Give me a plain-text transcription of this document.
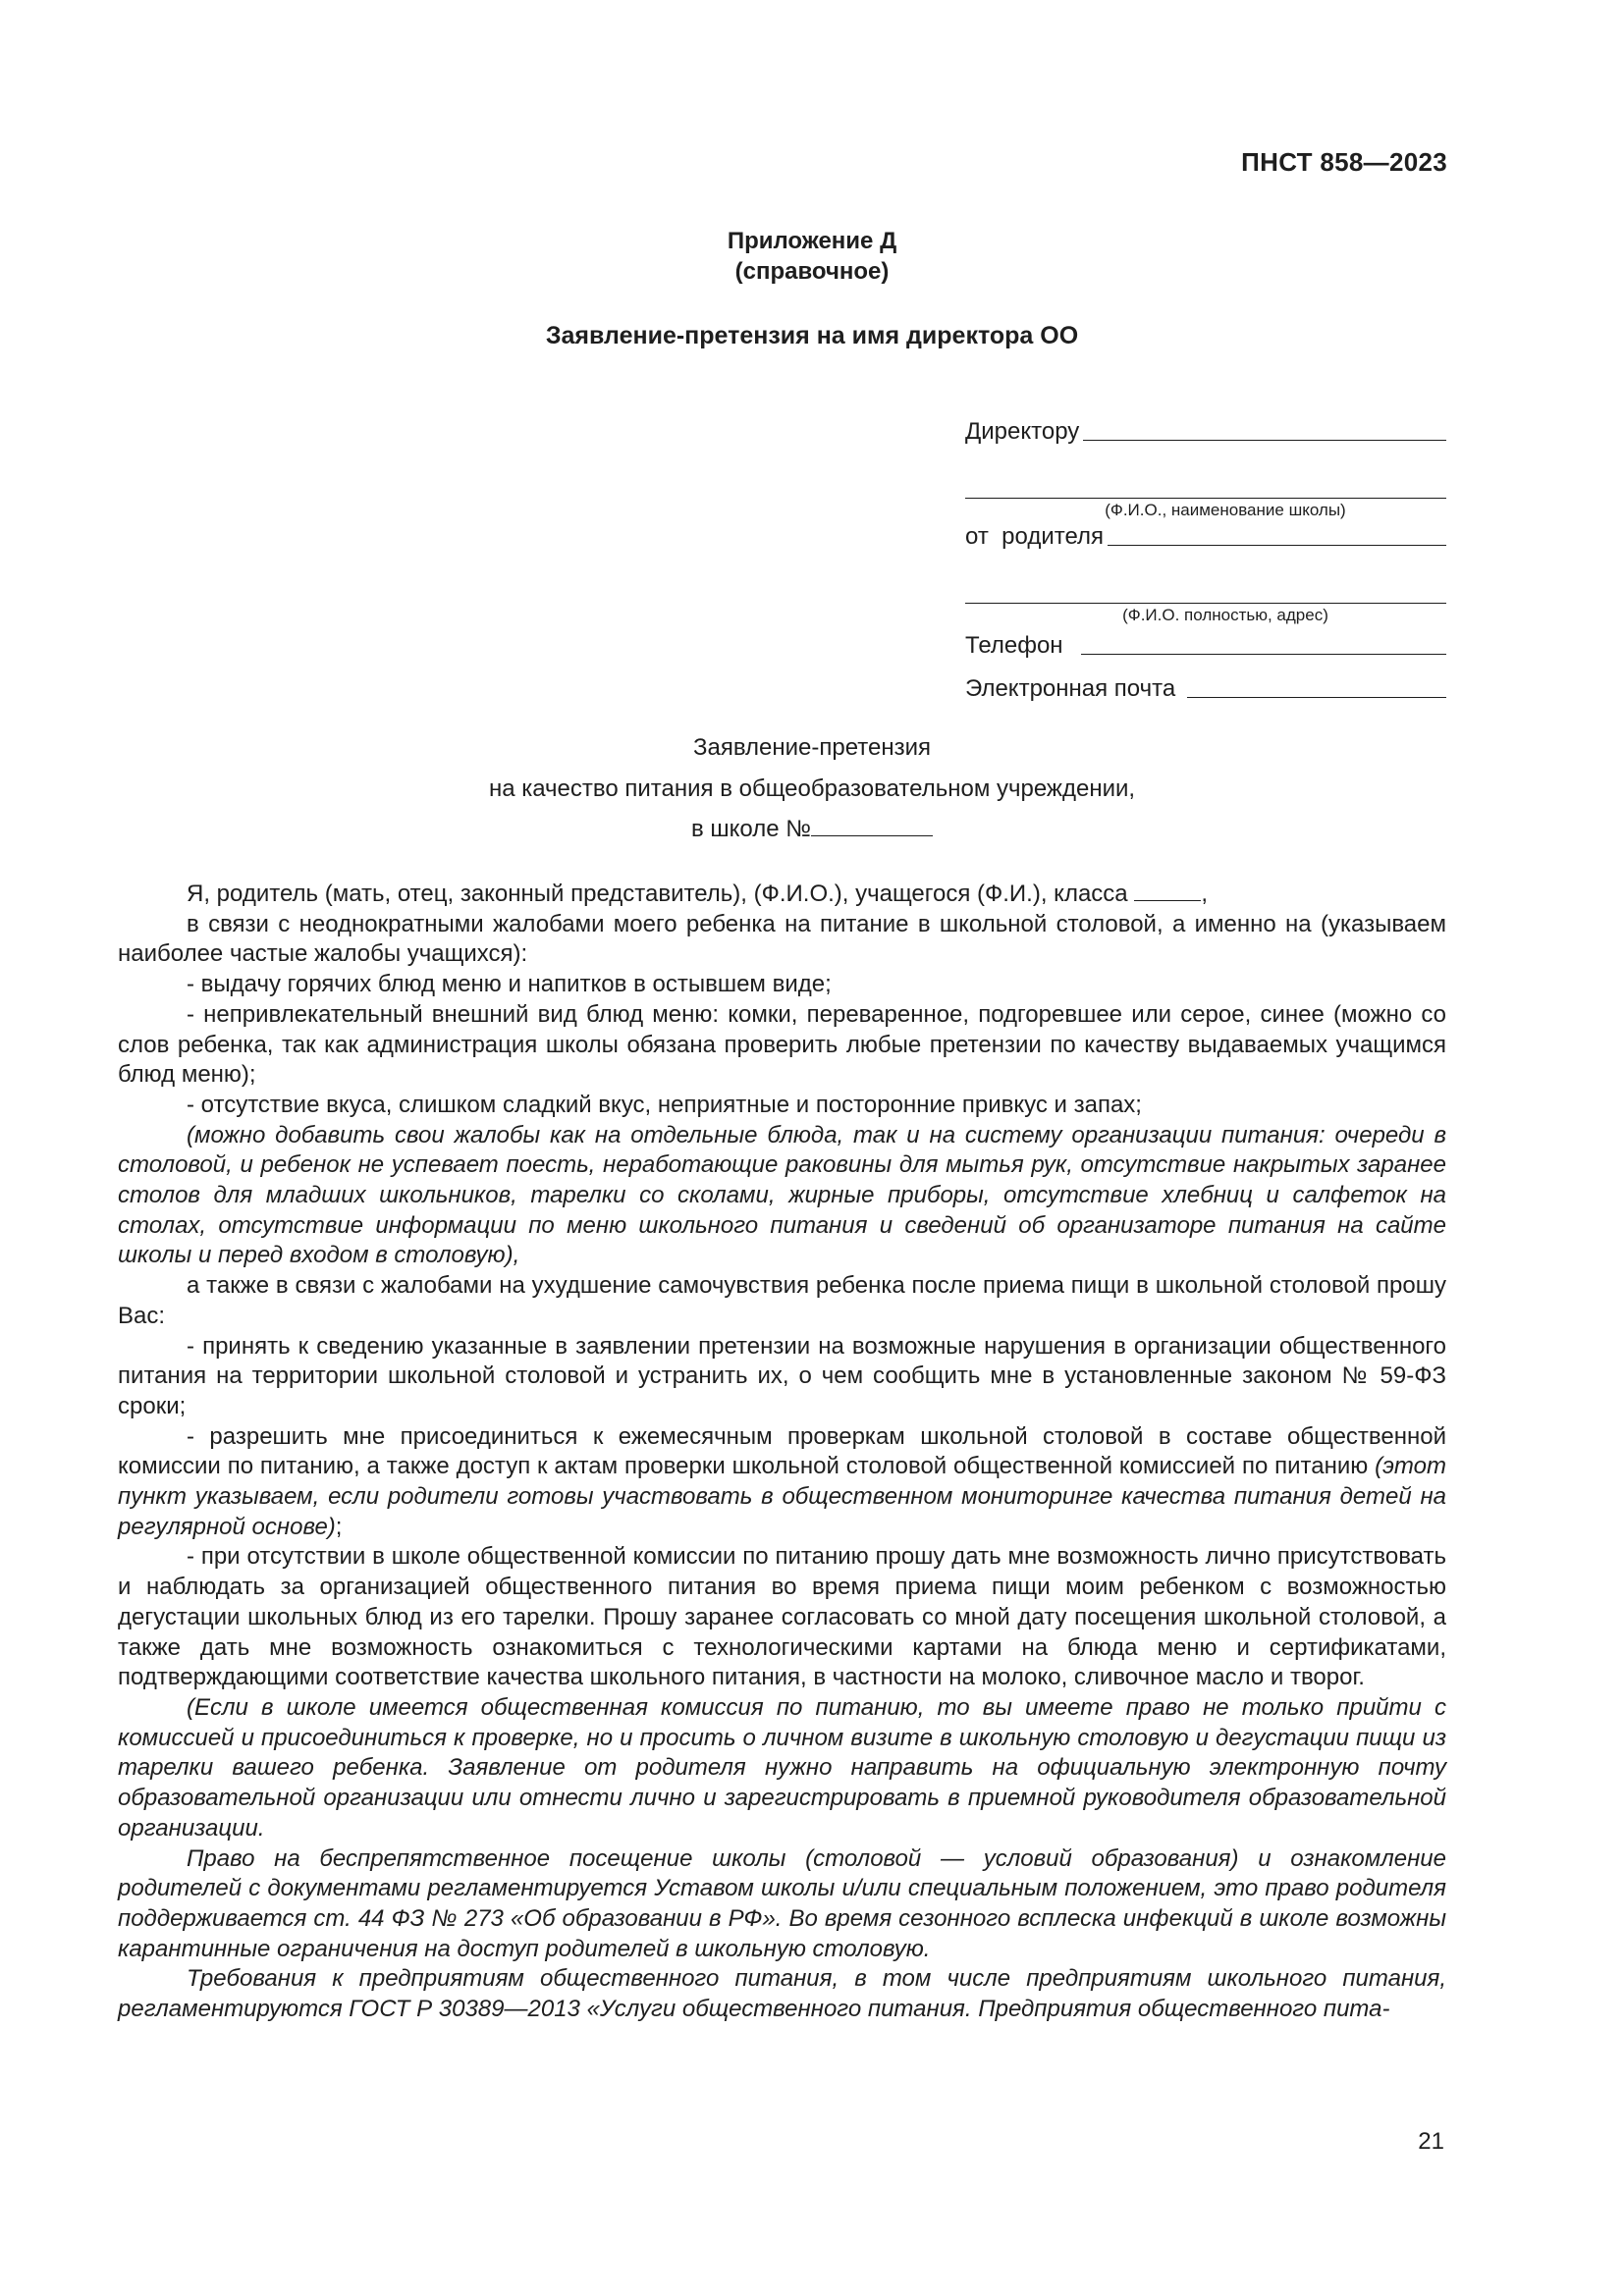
ПНСТ 858—2023
Приложение Д
(справочное)
Заявление-претензия на имя директора ОО
Директору
(Ф.И.О., наименование школы)
от  родителя
(Ф.И.О. полностью, адрес)
Телефон
Электронная почта
Заявление-претензия
на качество питания в общеобразовательном учреждении,
в школе №

Я, родитель (мать, отец, законный представитель), (Ф.И.О.), учащегося (Ф.И.), класса	,

в связи с неоднократными жалобами моего ребенка на питание в школьной столовой, а именно на (указываем наиболее частые жалобы учащихся):

- выдачу горячих блюд меню и напитков в остывшем виде;

- непривлекательный внешний вид блюд меню: комки, переваренное, подгоревшее или серое, синее (можно со слов ребенка, так как администрация школы обязана проверить любые претензии по качеству выдаваемых учащимся блюд меню);

- отсутствие вкуса, слишком сладкий вкус, неприятные и посторонние привкус и запах;

(можно добавить свои жалобы как на отдельные блюда, так и на систему организации питания: очереди в столовой, и ребенок не успевает поесть, неработающие раковины для мытья рук, отсутствие накрытых заранее столов для младших школьников, тарелки со сколами, жирные приборы, отсутствие хлебниц и салфеток на столах, отсутствие информации по меню школьного питания и сведений об организаторе питания на сайте школы и перед входом в столовую),

а также в связи с жалобами на ухудшение самочувствия ребенка после приема пищи в школьной столовой прошу Вас:

- принять к сведению указанные в заявлении претензии на возможные нарушения в организации общественного питания на территории школьной столовой и устранить их, о чем сообщить мне в установленные законом № 59-ФЗ сроки;

- разрешить мне присоединиться к ежемесячным проверкам школьной столовой в составе общественной комиссии по питанию, а также доступ к актам проверки школьной столовой общественной комиссией по питанию (этот пункт указываем, если родители готовы участвовать в общественном мониторинге качества питания детей на регулярной основе);

- при отсутствии в школе общественной комиссии по питанию прошу дать мне возможность лично присутствовать и наблюдать за организацией общественного питания во время приема пищи моим ребенком с возможностью дегустации школьных блюд из его тарелки. Прошу заранее согласовать со мной дату посещения школьной столовой, а также дать мне возможность ознакомиться с технологическими картами на блюда меню и сертификатами, подтверждающими соответствие качества школьного питания, в частности на молоко, сливочное масло и творог.

(Если в школе имеется общественная комиссия по питанию, то вы имеете право не только прийти с комиссией и присоединиться к проверке, но и просить о личном визите в школьную столовую и дегустации пищи из тарелки вашего ребенка. Заявление от родителя нужно направить на официальную электронную почту образовательной организации или отнести лично и зарегистрировать в приемной руководителя образовательной организации.

Право на беспрепятственное посещение школы (столовой — условий образования) и ознакомление родителей с документами регламентируется Уставом школы и/или специальным положением, это право родителя поддерживается ст. 44 ФЗ № 273 «Об образовании в РФ». Во время сезонного всплеска инфекций в школе возможны карантинные ограничения на доступ родителей в школьную столовую.

Требования к предприятиям общественного питания, в том числе предприятиям школьного питания, регламентируются ГОСТ Р 30389—2013 «Услуги общественного питания. Предприятия общественного пита-

21
